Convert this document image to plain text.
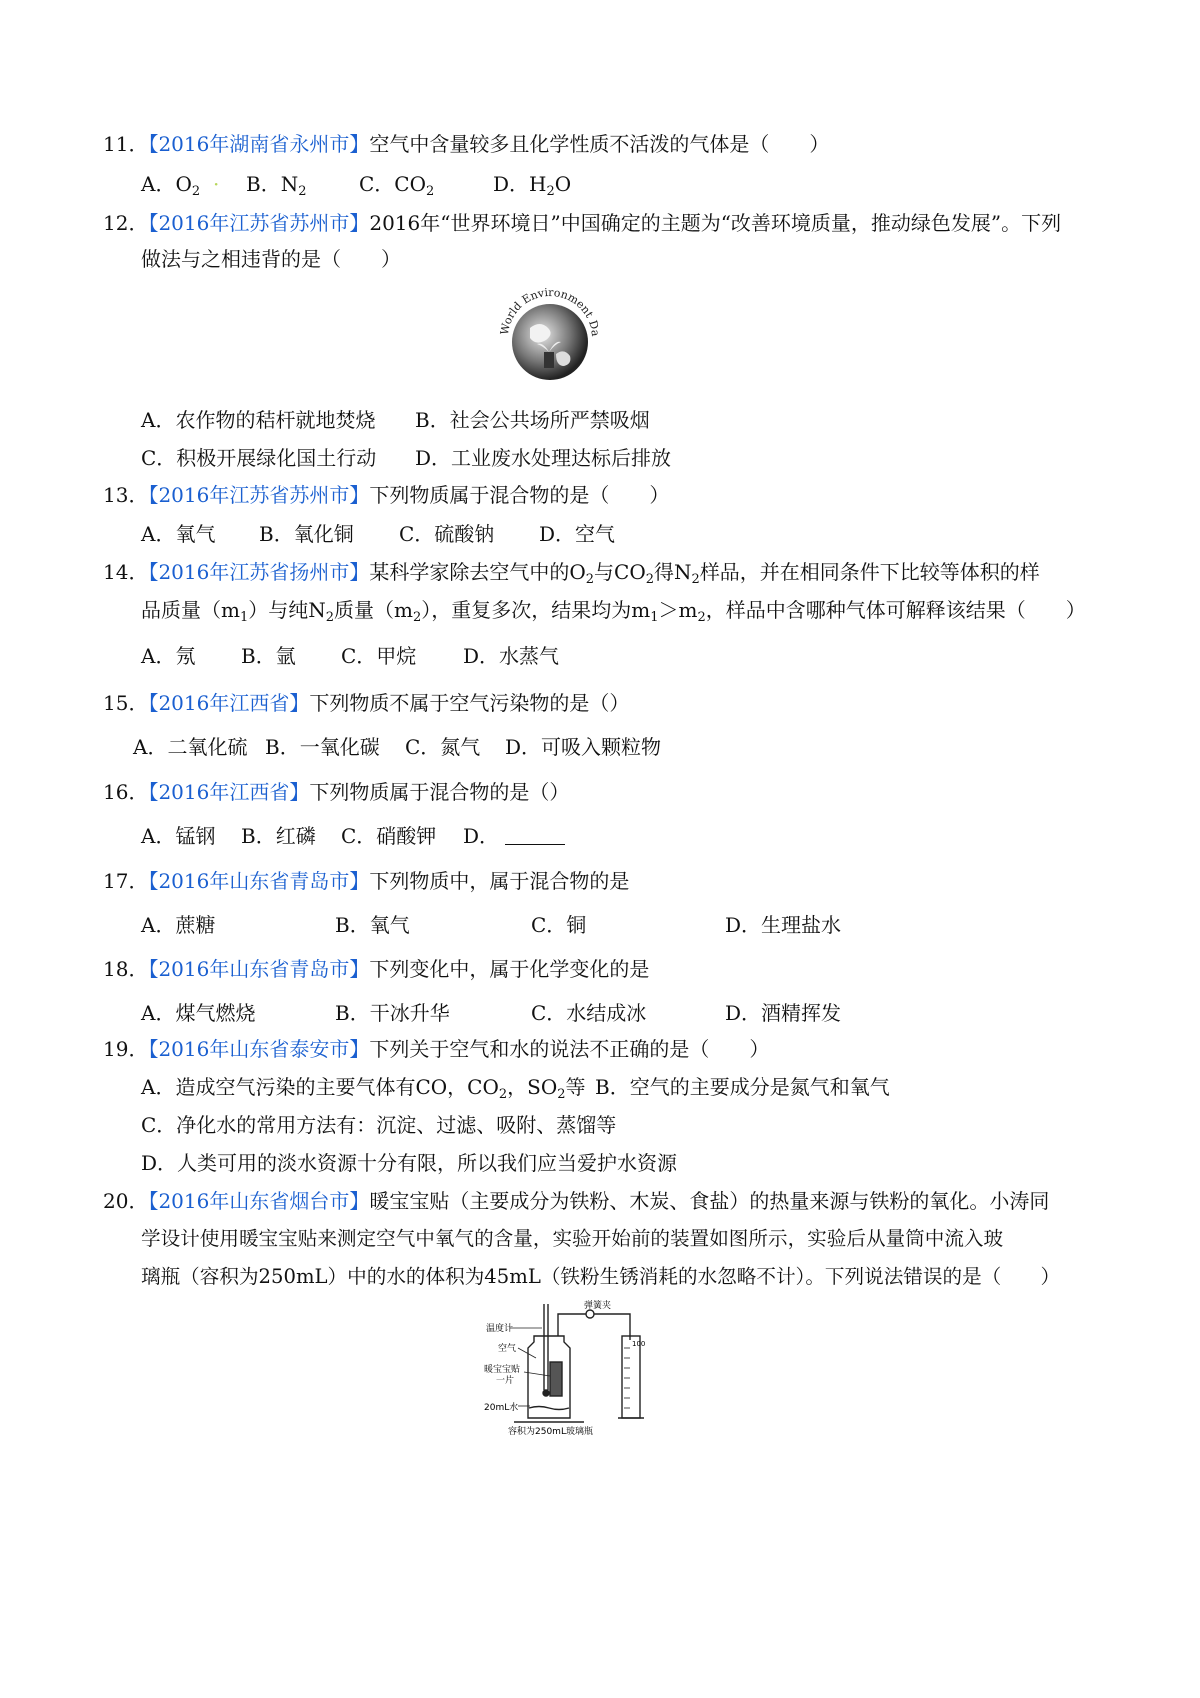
11．【2016年湖南省永州市】空气中含量较多且化学性质不活泼的气体是（　　）
A．$O_2 \cdot B$．$N_2$	C．$CO_2$	D．$H_2O$
12．【2016年江苏省苏州市】2016年“世界环境日”中国确定的主题为“改善环境质量，推动绿色发展”。下列
做法与之相违背的是（　　）
World Environment Da
A．农作物的秸杆就地焚烧 B．社会公共场所严禁吸烟
C．积极开展绿化国土行动 D．工业废水处理达标后排放
13．【2016年江苏省苏州市】下列物质属于混合物的是（　　）
A．氧气 B．氧化铜 C．硫酸钠 D．空气
14．【2016年江苏省扬州市】某科学家除去空气中的$O_2$与$CO_2$得$N_2$样品，并在相同条件下比较等体积的样
品质量$(m_1)$与纯$N_2$质量$(m_2)$，重复多次，结果均为$m_1>m_2$，样品中含哪种气体可解释该结果（　　）
A．氖 B．氩 C．甲烷 D．水蒸气
15．【2016年江西省】下列物质不属于空气污染物的是（）
A．二氧化硫 B．一氧化碳 C．氮气 D．可吸入颗粒物
16．【2016年江西省】下列物质属于混合物的是（）
A．锰钢 B．红磷 C．硝酸钾 D．
17．【2016年山东省青岛市】下列物质中，属于混合物的是
A．蔗糖	B．氧气	C．铜	D．生理盐水
18．【2016年山东省青岛市】下列变化中，属于化学变化的是
A．煤气燃烧	B．干冰升华	C．水结成冰	D．酒精挥发
19．【2016年山东省泰安市】下列关于空气和水的说法不正确的是（　　）
A．造成空气污染的主要气体有CO，$CO_2$，$SO_2$等 B．空气的主要成分是氮气和氧气
C．净化水的常用方法有：沉淀、过滤、吸附、蒸馏等
D．人类可用的淡水资源十分有限，所以我们应当爱护水资源
20．【2016年山东省烟台市】暖宝宝贴（主要成分为铁粉、木炭、食盐）的热量来源与铁粉的氧化。小涛同
学设计使用暖宝宝贴来测定空气中氧气的含量，实验开始前的装置如图所示，实验后从量筒中流入玻
璃瓶（容积为250mL）中的水的体积为45mL（铁粉生锈消耗的水忽略不计）。下列说法错误的是（　　）
弹簧夹
温度计
空气
暖宝宝贴
一片
20mL水
容积为250mL玻璃瓶
100
